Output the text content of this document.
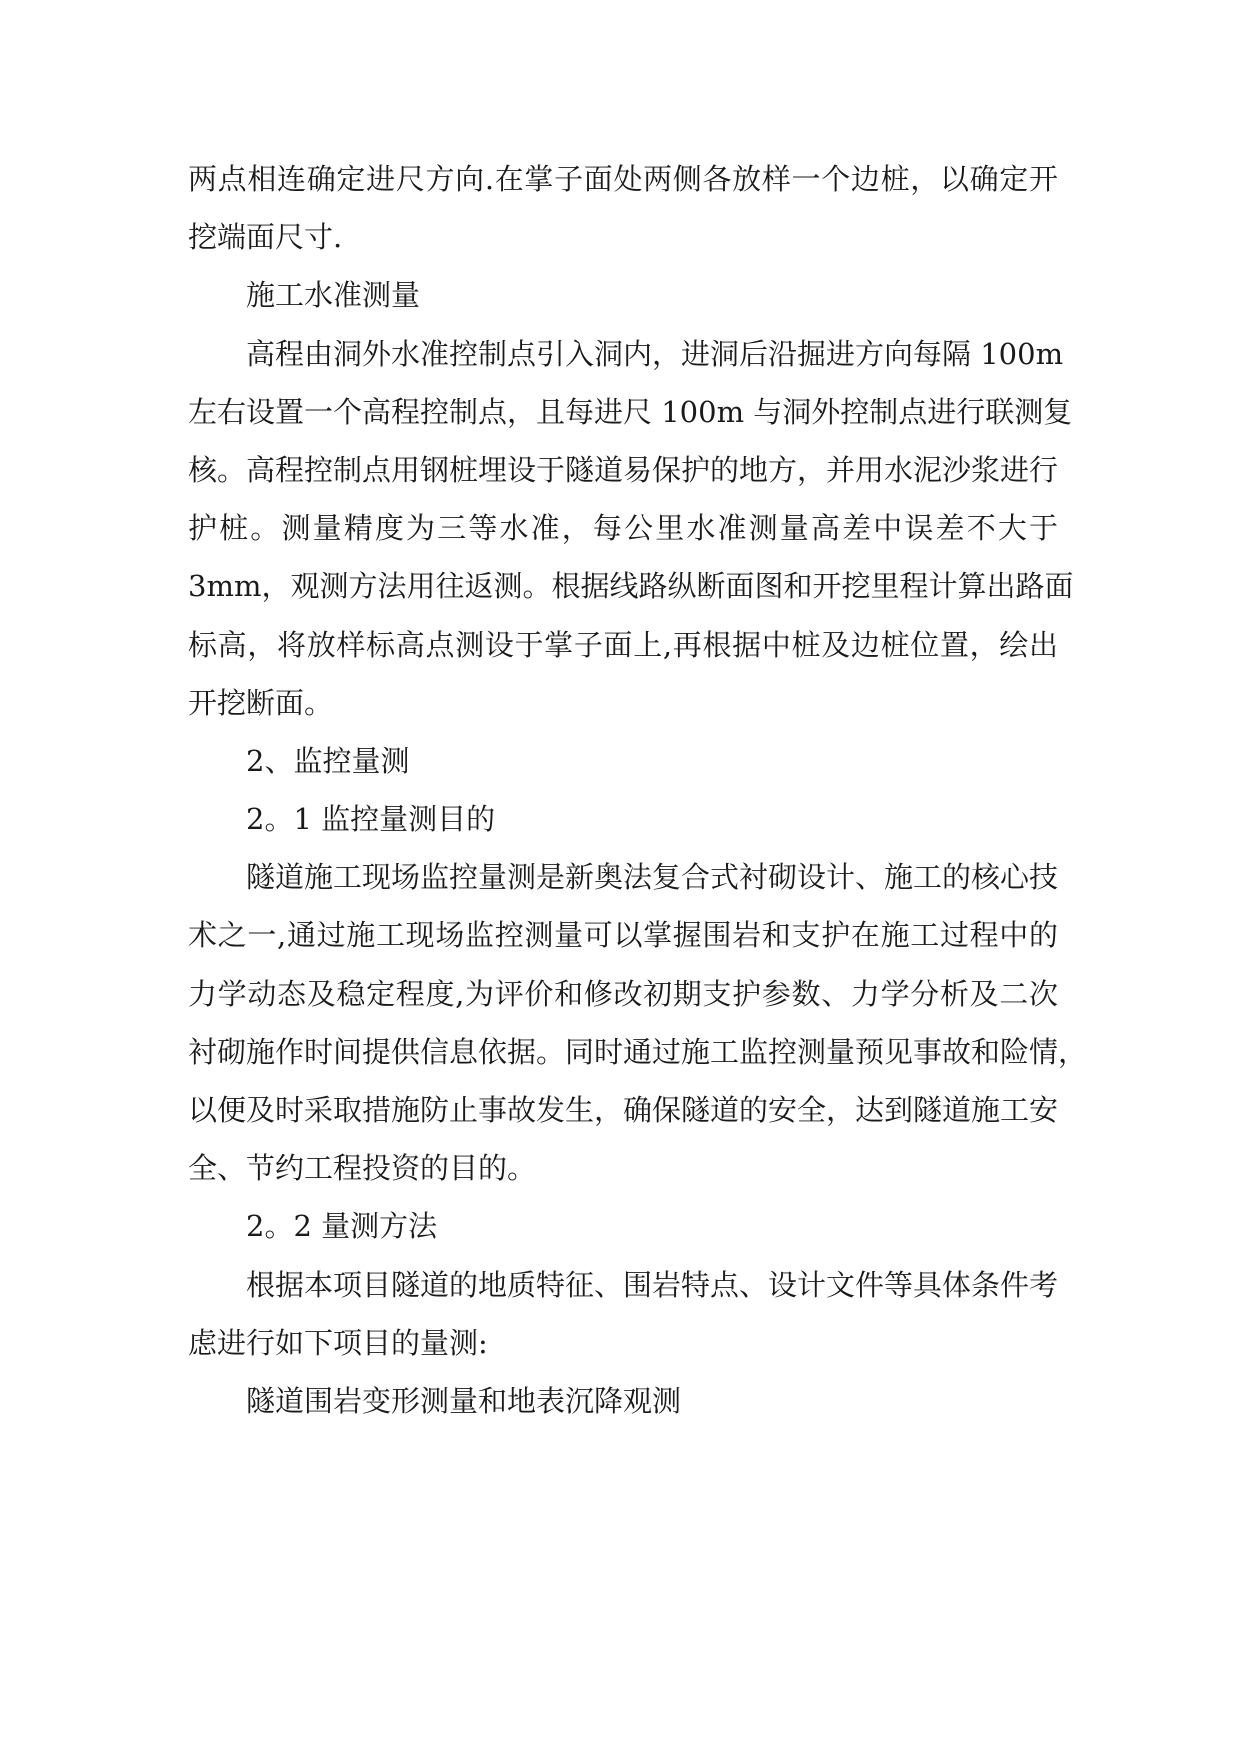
两点相连确定进尺方向.在掌子面处两侧各放样一个边桩，以确定开
挖端面尺寸.
施工水准测量
高程由洞外水准控制点引入洞内，进洞后沿掘进方向每隔 100m
左右设置一个高程控制点，且每进尺 100m 与洞外控制点进行联测复
核。高程控制点用钢桩埋设于隧道易保护的地方，并用水泥沙浆进行
护桩。测量精度为三等水准，每公里水准测量高差中误差不大于
3mm，观测方法用往返测。根据线路纵断面图和开挖里程计算出路面
标高，将放样标高点测设于掌子面上,再根据中桩及边桩位置，绘出
开挖断面。
2、监控量测
2。1 监控量测目的
隧道施工现场监控量测是新奥法复合式衬砌设计、施工的核心技
术之一,通过施工现场监控测量可以掌握围岩和支护在施工过程中的
力学动态及稳定程度,为评价和修改初期支护参数、力学分析及二次
衬砌施作时间提供信息依据。同时通过施工监控测量预见事故和险情，
以便及时采取措施防止事故发生，确保隧道的安全，达到隧道施工安
全、节约工程投资的目的。
2。2 量测方法
根据本项目隧道的地质特征、围岩特点、设计文件等具体条件考
虑进行如下项目的量测:
隧道围岩变形测量和地表沉降观测
